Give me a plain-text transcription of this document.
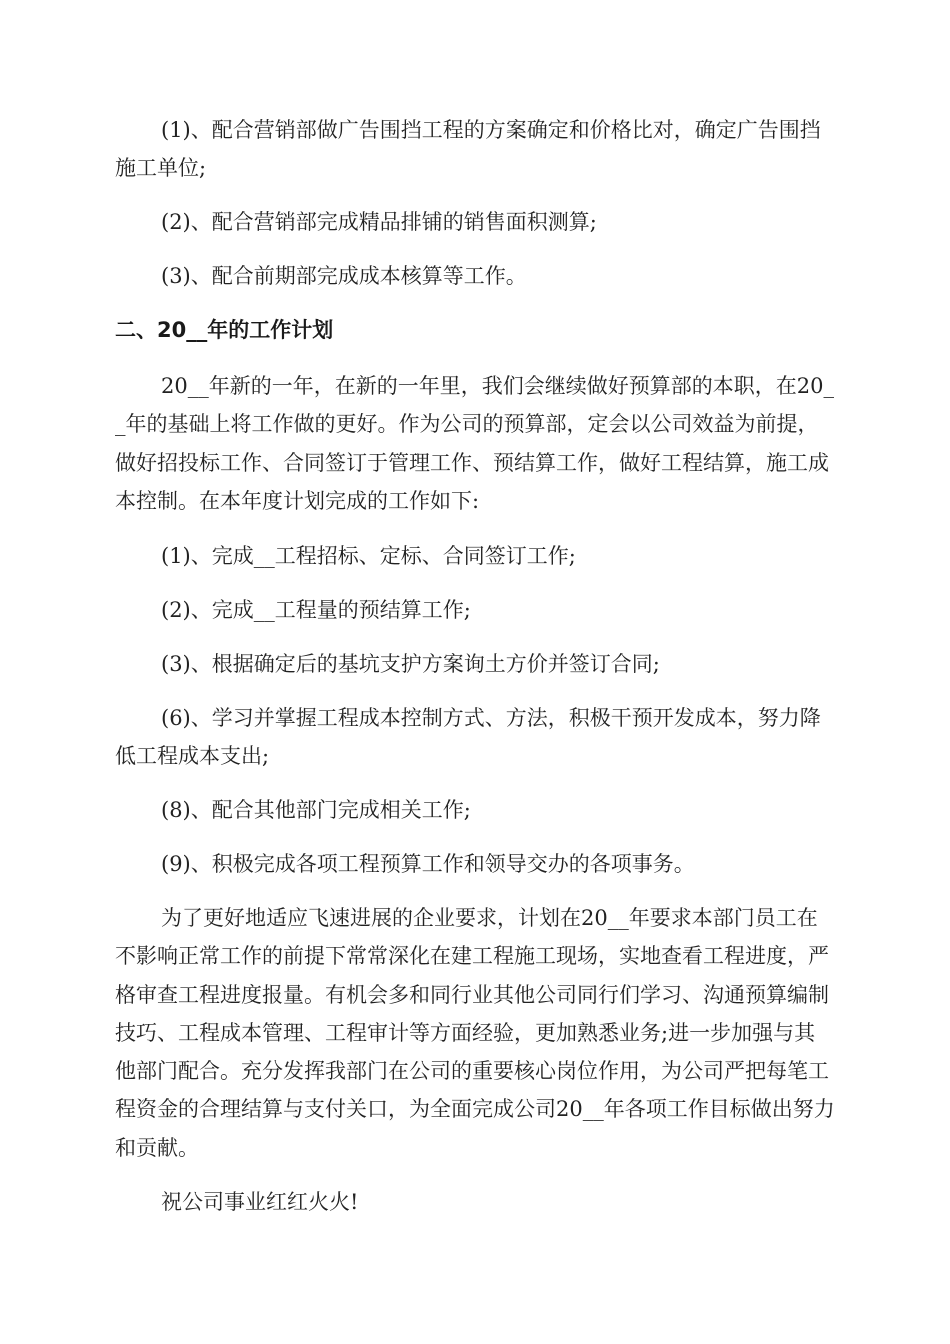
(1)、配合营销部做广告围挡工程的方案确定和价格比对，确定广告围挡施工单位;

(2)、配合营销部完成精品排铺的销售面积测算;

(3)、配合前期部完成成本核算等工作。

二、20__年的工作计划

20__年新的一年，在新的一年里，我们会继续做好预算部的本职，在20__年的基础上将工作做的更好。作为公司的预算部，定会以公司效益为前提，做好招投标工作、合同签订于管理工作、预结算工作，做好工程结算，施工成本控制。在本年度计划完成的工作如下:

(1)、完成__工程招标、定标、合同签订工作;

(2)、完成__工程量的预结算工作;

(3)、根据确定后的基坑支护方案询土方价并签订合同;

(6)、学习并掌握工程成本控制方式、方法，积极干预开发成本，努力降低工程成本支出;

(8)、配合其他部门完成相关工作;

(9)、积极完成各项工程预算工作和领导交办的各项事务。

为了更好地适应飞速进展的企业要求，计划在20__年要求本部门员工在不影响正常工作的前提下常常深化在建工程施工现场，实地查看工程进度，严格审查工程进度报量。有机会多和同行业其他公司同行们学习、沟通预算编制技巧、工程成本管理、工程审计等方面经验，更加熟悉业务;进一步加强与其他部门配合。充分发挥我部门在公司的重要核心岗位作用，为公司严把每笔工程资金的合理结算与支付关口，为全面完成公司20__年各项工作目标做出努力和贡献。

祝公司事业红红火火!
